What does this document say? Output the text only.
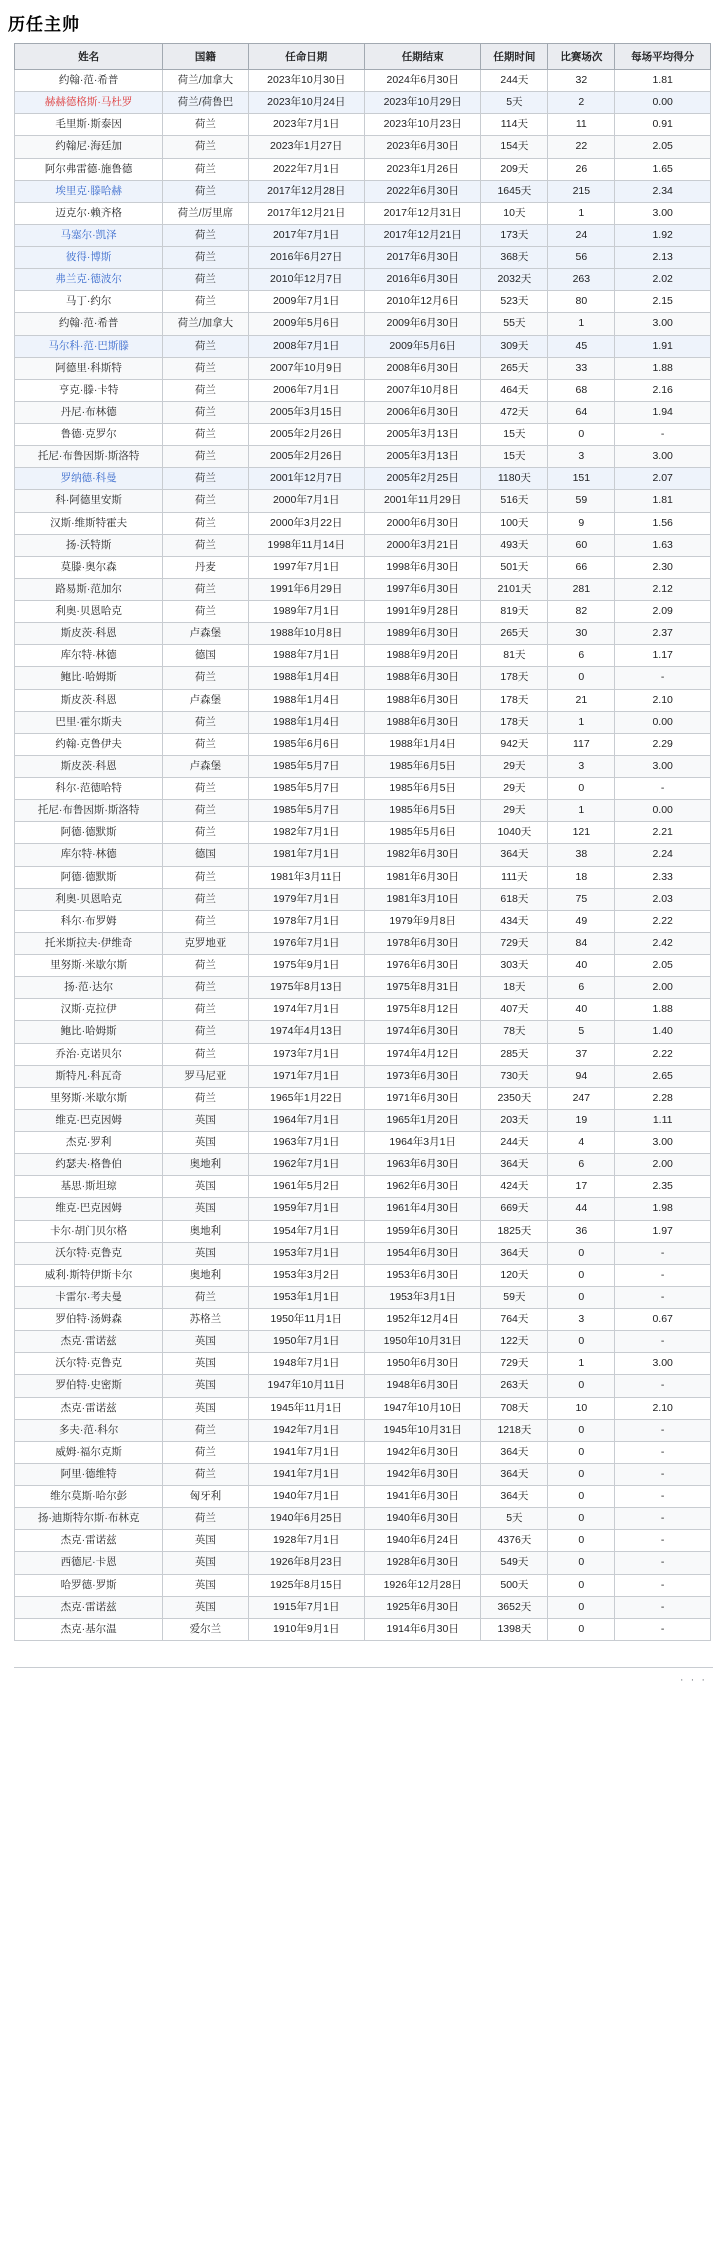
历任主帅
姓名	国籍	任命日期	任期结束	任期时间	比赛场次	每场平均得分
约翰·范·希普	荷兰/加拿大	2023年10月30日	2024年6月30日	244天	32	1.81
赫赫德格斯·马杜罗	荷兰/荷鲁巴	2023年10月24日	2023年10月29日	5天	2	0.00
毛里斯·斯泰因	荷兰	2023年7月1日	2023年10月23日	114天	11	0.91
约翰尼·海廷加	荷兰	2023年1月27日	2023年6月30日	154天	22	2.05
阿尔弗雷德·施鲁德	荷兰	2022年7月1日	2023年1月26日	209天	26	1.65
埃里克·滕哈赫	荷兰	2017年12月28日	2022年6月30日	1645天	215	2.34
迈克尔·赖齐格	荷兰/厉里席	2017年12月21日	2017年12月31日	10天	1	3.00
马塞尔·凯泽	荷兰	2017年7月1日	2017年12月21日	173天	24	1.92
彼得·博斯	荷兰	2016年6月27日	2017年6月30日	368天	56	2.13
弗兰克·德波尔	荷兰	2010年12月7日	2016年6月30日	2032天	263	2.02
马丁·约尔	荷兰	2009年7月1日	2010年12月6日	523天	80	2.15
约翰·范·希普	荷兰/加拿大	2009年5月6日	2009年6月30日	55天	1	3.00
马尔科·范·巴斯滕	荷兰	2008年7月1日	2009年5月6日	309天	45	1.91
阿德里·科斯特	荷兰	2007年10月9日	2008年6月30日	265天	33	1.88
亨克·滕·卡特	荷兰	2006年7月1日	2007年10月8日	464天	68	2.16
丹尼·布林德	荷兰	2005年3月15日	2006年6月30日	472天	64	1.94
鲁德·克罗尔	荷兰	2005年2月26日	2005年3月13日	15天	0	-
托尼·布鲁因斯·斯洛特	荷兰	2005年2月26日	2005年3月13日	15天	3	3.00
罗纳德·科曼	荷兰	2001年12月7日	2005年2月25日	1180天	151	2.07
科·阿德里安斯	荷兰	2000年7月1日	2001年11月29日	516天	59	1.81
汉斯·维斯特霍夫	荷兰	2000年3月22日	2000年6月30日	100天	9	1.56
扬·沃特斯	荷兰	1998年11月14日	2000年3月21日	493天	60	1.63
莫滕·奥尔森	丹麦	1997年7月1日	1998年6月30日	501天	66	2.30
路易斯·范加尔	荷兰	1991年6月29日	1997年6月30日	2101天	281	2.12
利奥·贝恩哈克	荷兰	1989年7月1日	1991年9月28日	819天	82	2.09
斯皮茨·科恩	卢森堡	1988年10月8日	1989年6月30日	265天	30	2.37
库尔特·林德	德国	1988年7月1日	1988年9月20日	81天	6	1.17
鲍比·哈姆斯	荷兰	1988年1月4日	1988年6月30日	178天	0	-
斯皮茨·科恩	卢森堡	1988年1月4日	1988年6月30日	178天	21	2.10
巴里·霍尔斯夫	荷兰	1988年1月4日	1988年6月30日	178天	1	0.00
约翰·克鲁伊夫	荷兰	1985年6月6日	1988年1月4日	942天	117	2.29
斯皮茨·科恩	卢森堡	1985年5月7日	1985年6月5日	29天	3	3.00
科尔·范德哈特	荷兰	1985年5月7日	1985年6月5日	29天	0	-
托尼·布鲁因斯·斯洛特	荷兰	1985年5月7日	1985年6月5日	29天	1	0.00
阿德·德默斯	荷兰	1982年7月1日	1985年5月6日	1040天	121	2.21
库尔特·林德	德国	1981年7月1日	1982年6月30日	364天	38	2.24
阿德·德默斯	荷兰	1981年3月11日	1981年6月30日	111天	18	2.33
利奥·贝恩哈克	荷兰	1979年7月1日	1981年3月10日	618天	75	2.03
科尔·布罗姆	荷兰	1978年7月1日	1979年9月8日	434天	49	2.22
托米斯拉夫·伊维奇	克罗地亚	1976年7月1日	1978年6月30日	729天	84	2.42
里努斯·米歇尔斯	荷兰	1975年9月1日	1976年6月30日	303天	40	2.05
扬·范·达尔	荷兰	1975年8月13日	1975年8月31日	18天	6	2.00
汉斯·克拉伊	荷兰	1974年7月1日	1975年8月12日	407天	40	1.88
鲍比·哈姆斯	荷兰	1974年4月13日	1974年6月30日	78天	5	1.40
乔治·克诺贝尔	荷兰	1973年7月1日	1974年4月12日	285天	37	2.22
斯特凡·科瓦奇	罗马尼亚	1971年7月1日	1973年6月30日	730天	94	2.65
里努斯·米歇尔斯	荷兰	1965年1月22日	1971年6月30日	2350天	247	2.28
维克·巴克因姆	英国	1964年7月1日	1965年1月20日	203天	19	1.11
杰克·罗利	英国	1963年7月1日	1964年3月1日	244天	4	3.00
约瑟夫·格鲁伯	奥地利	1962年7月1日	1963年6月30日	364天	6	2.00
基思·斯坦琼	英国	1961年5月2日	1962年6月30日	424天	17	2.35
维克·巴克因姆	英国	1959年7月1日	1961年4月30日	669天	44	1.98
卡尔·胡门贝尔格	奥地利	1954年7月1日	1959年6月30日	1825天	36	1.97
沃尔特·克鲁克	英国	1953年7月1日	1954年6月30日	364天	0	-
威利·斯特伊斯卡尔	奥地利	1953年3月2日	1953年6月30日	120天	0	-
卡雷尔·考夫曼	荷兰	1953年1月1日	1953年3月1日	59天	0	-
罗伯特·汤姆森	苏格兰	1950年11月1日	1952年12月4日	764天	3	0.67
杰克·雷诺兹	英国	1950年7月1日	1950年10月31日	122天	0	-
沃尔特·克鲁克	英国	1948年7月1日	1950年6月30日	729天	1	3.00
罗伯特·史密斯	英国	1947年10月11日	1948年6月30日	263天	0	-
杰克·雷诺兹	英国	1945年11月1日	1947年10月10日	708天	10	2.10
多夫·范·科尔	荷兰	1942年7月1日	1945年10月31日	1218天	0	-
威姆·福尔克斯	荷兰	1941年7月1日	1942年6月30日	364天	0	-
阿里·德维特	荷兰	1941年7月1日	1942年6月30日	364天	0	-
维尔莫斯·哈尔彭	匈牙利	1940年7月1日	1941年6月30日	364天	0	-
扬·迪斯特尔斯·布林克	荷兰	1940年6月25日	1940年6月30日	5天	0	-
杰克·雷诺兹	英国	1928年7月1日	1940年6月24日	4376天	0	-
西德尼·卡恩	英国	1926年8月23日	1928年6月30日	549天	0	-
哈罗德·罗斯	英国	1925年8月15日	1926年12月28日	500天	0	-
杰克·雷诺兹	英国	1915年7月1日	1925年6月30日	3652天	0	-
杰克·基尔温	爱尔兰	1910年9月1日	1914年6月30日	1398天	0	-
· · ·
